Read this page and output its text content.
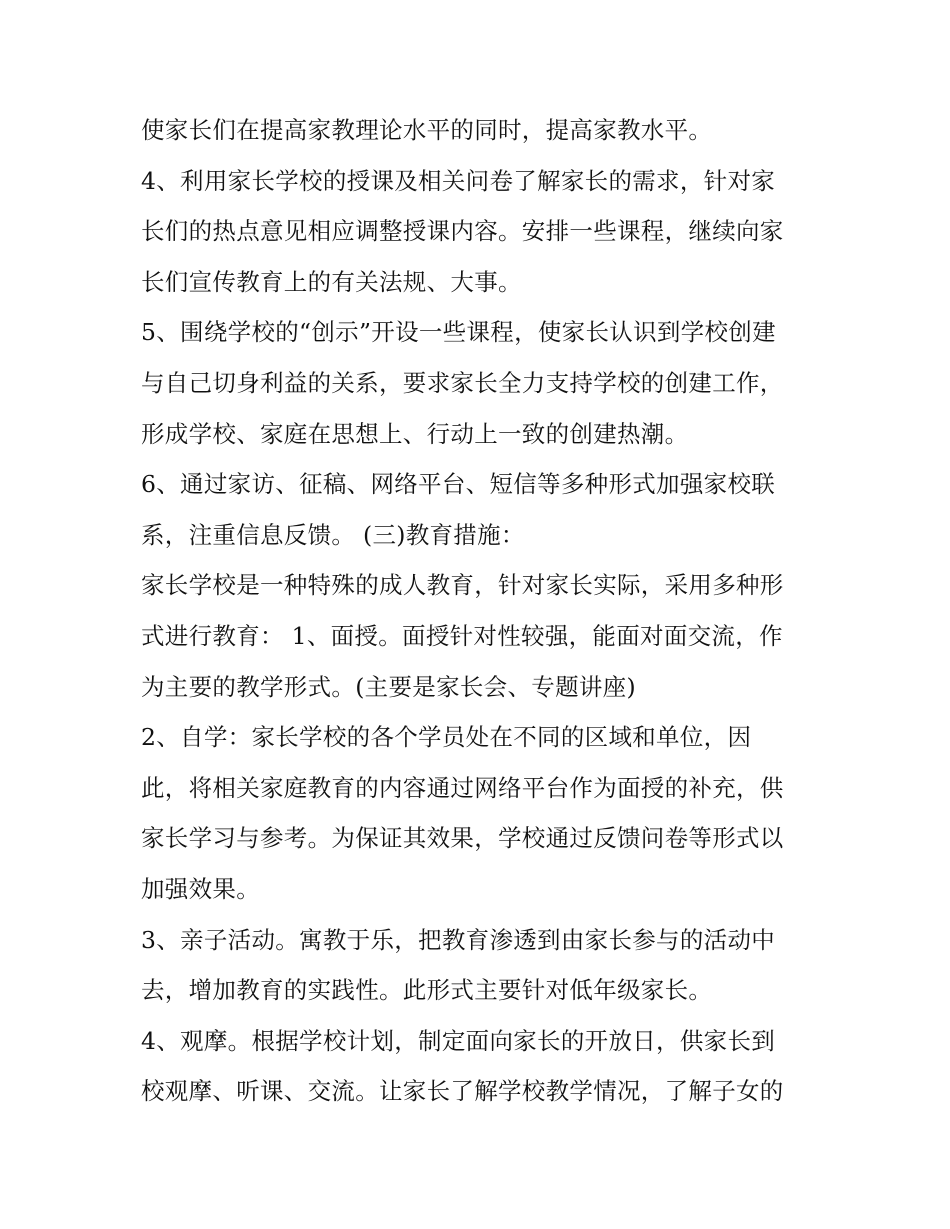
使家长们在提高家教理论水平的同时，提高家教水平。
4、利用家长学校的授课及相关问卷了解家长的需求，针对家
长们的热点意见相应调整授课内容。安排一些课程，继续向家
长们宣传教育上的有关法规、大事。
5、围绕学校的“创示”开设一些课程，使家长认识到学校创建
与自己切身利益的关系，要求家长全力支持学校的创建工作，
形成学校、家庭在思想上、行动上一致的创建热潮。
6、通过家访、征稿、网络平台、短信等多种形式加强家校联
系，注重信息反馈。 (三)教育措施：
家长学校是一种特殊的成人教育，针对家长实际，采用多种形
式进行教育： 1、面授。面授针对性较强，能面对面交流，作
为主要的教学形式。(主要是家长会、专题讲座)
2、自学：家长学校的各个学员处在不同的区域和单位，因
此，将相关家庭教育的内容通过网络平台作为面授的补充，供
家长学习与参考。为保证其效果，学校通过反馈问卷等形式以
加强效果。
3、亲子活动。寓教于乐，把教育渗透到由家长参与的活动中
去，增加教育的实践性。此形式主要针对低年级家长。
4、观摩。根据学校计划，制定面向家长的开放日，供家长到
校观摩、听课、交流。让家长了解学校教学情况，了解子女的
